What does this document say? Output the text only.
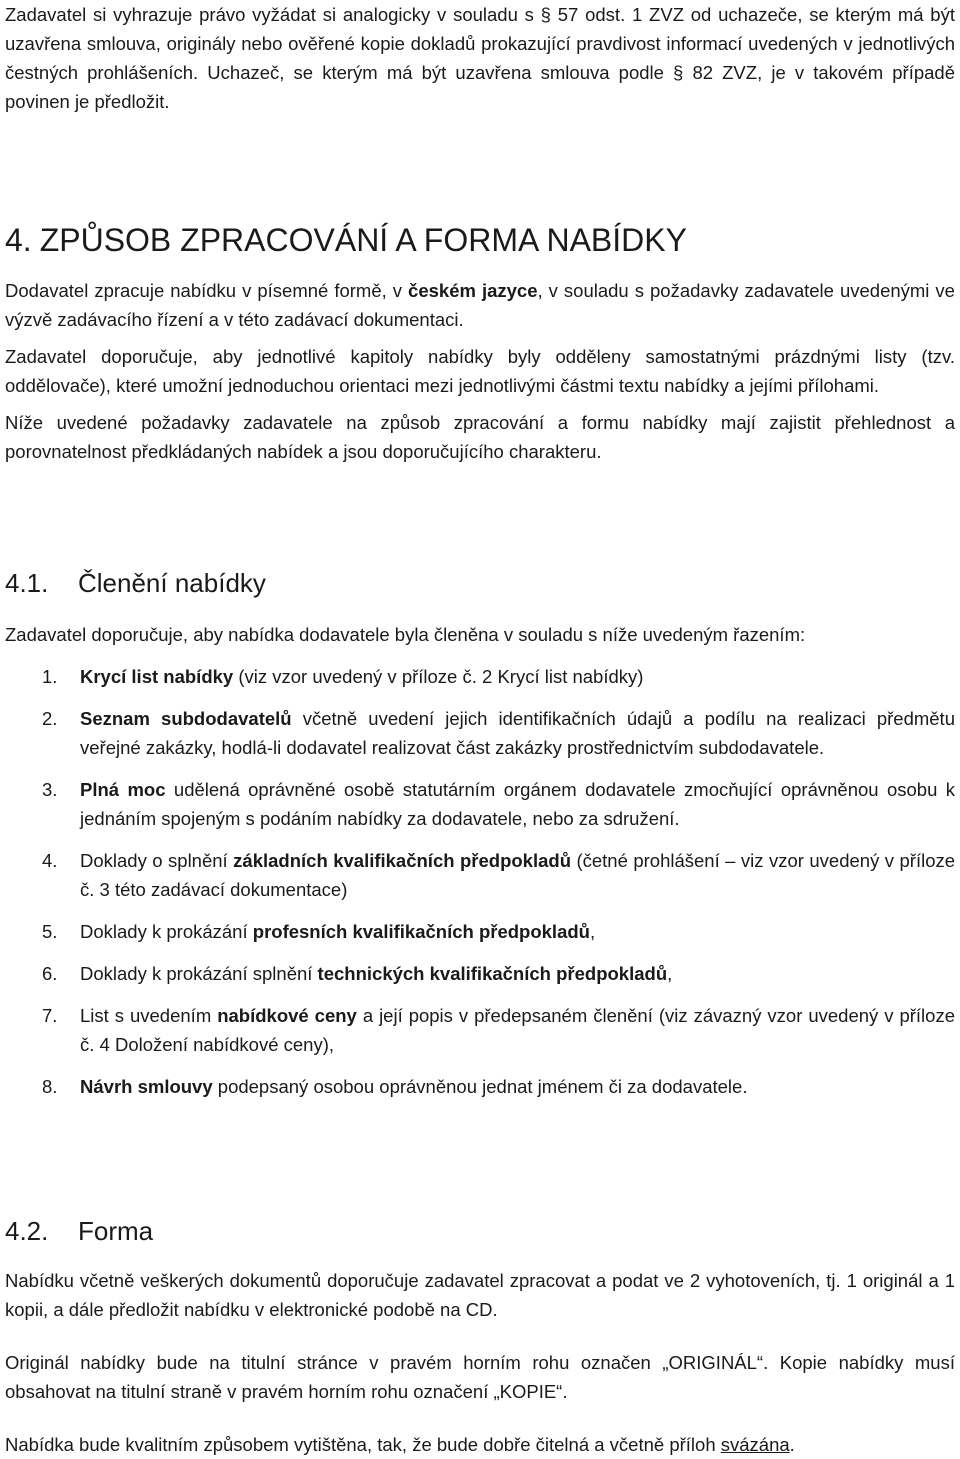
Zadavatel si vyhrazuje právo vyžádat si analogicky v souladu s § 57 odst. 1 ZVZ od uchazeče, se kterým má být uzavřena smlouva, originály nebo ověřené kopie dokladů prokazující pravdivost informací uvedených v jednotlivých čestných prohlášeních. Uchazeč, se kterým má být uzavřena smlouva podle § 82 ZVZ, je v takovém případě povinen je předložit.

4. ZPŮSOB ZPRACOVÁNÍ A FORMA NABÍDKY

Dodavatel zpracuje nabídku v písemné formě, v českém jazyce, v souladu s požadavky zadavatele uvedenými ve výzvě zadávacího řízení a v této zadávací dokumentaci.

Zadavatel doporučuje, aby jednotlivé kapitoly nabídky byly odděleny samostatnými prázdnými listy (tzv. oddělovače), které umožní jednoduchou orientaci mezi jednotlivými částmi textu nabídky a jejími přílohami.

Níže uvedené požadavky zadavatele na způsob zpracování a formu nabídky mají zajistit přehlednost a porovnatelnost předkládaných nabídek a jsou doporučujícího charakteru.

4.1. Členění nabídky

Zadavatel doporučuje, aby nabídka dodavatele byla členěna v souladu s níže uvedeným řazením:

1.	Krycí list nabídky (viz vzor uvedený v příloze č. 2 Krycí list nabídky)
2.	Seznam subdodavatelů včetně uvedení jejich identifikačních údajů a podílu na realizaci předmětu veřejné zakázky, hodlá-li dodavatel realizovat část zakázky prostřednictvím subdodavatele.
3.	Plná moc udělená oprávněné osobě statutárním orgánem dodavatele zmocňující oprávněnou osobu k jednáním spojeným s podáním nabídky za dodavatele, nebo za sdružení.
4.	Doklady o splnění základních kvalifikačních předpokladů (četné prohlášení – viz vzor uvedený v příloze č. 3 této zadávací dokumentace)
5.	Doklady k prokázání profesních kvalifikačních předpokladů,
6.	Doklady k prokázání splnění technických kvalifikačních předpokladů,
7.	List s uvedením nabídkové ceny a její popis v předepsaném členění (viz závazný vzor uvedený v příloze č. 4 Doložení nabídkové ceny),
8.	Návrh smlouvy podepsaný osobou oprávněnou jednat jménem či za dodavatele.
4.2. Forma

Nabídku včetně veškerých dokumentů doporučuje zadavatel zpracovat a podat ve 2 vyhotoveních, tj. 1 originál a 1 kopii, a dále předložit nabídku v elektronické podobě na CD.

Originál nabídky bude na titulní stránce v pravém horním rohu označen „ORIGINÁL“. Kopie nabídky musí obsahovat na titulní straně v pravém horním rohu označení „KOPIE“.

Nabídka bude kvalitním způsobem vytištěna, tak, že bude dobře čitelná a včetně příloh svázána.
